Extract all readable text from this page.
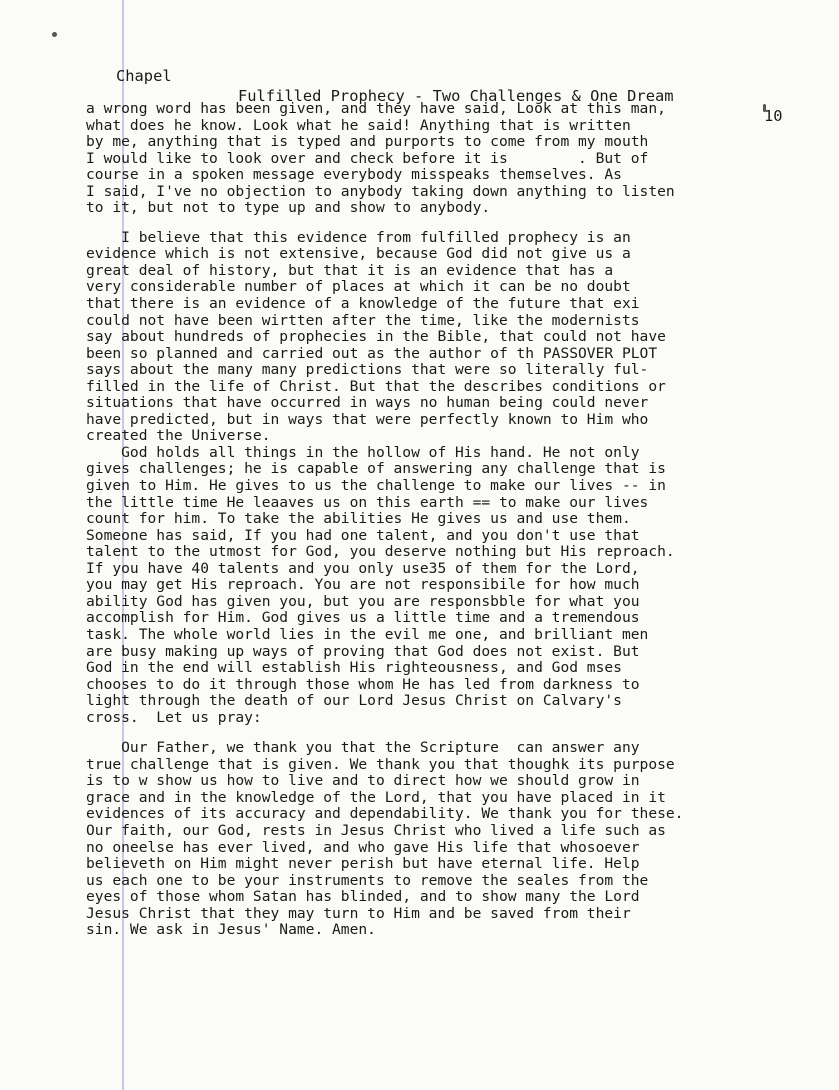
Chapel

Fulfilled Prophecy - Two Challenges & One Dream

10

a wrong word has been given, and they have said, Look at this man,
what does he know. Look what he said! Anything that is written
by me, anything that is typed and purports to come from my mouth
I would like to look over and check before it is        . But of
course in a spoken message everybody misspeaks themselves. As
I said, I've no objection to anybody taking down anything to listen
to it, but not to type up and show to anybody.
I believe that this evidence from fulfilled prophecy is an
evidence which is not extensive, because God did not give us a
great deal of history, but that it is an evidence that has a
very considerable number of places at which it can be no doubt
that there is an evidence of a knowledge of the future that exi
could not have been wirtten after the time, like the modernists
say about hundreds of prophecies in the Bible, that could not have
been so planned and carried out as the author of th PASSOVER PLOT
says about the many many predictions that were so literally ful-
filled in the life of Christ. But that the describes conditions or
situations that have occurred in ways no human being could never
have predicted, but in ways that were perfectly known to Him who
created the Universe.
God holds all things in the hollow of His hand. He not only
gives challenges; he is capable of answering any challenge that is
given to Him. He gives to us the challenge to make our lives -- in
the little time He leaaves us on this earth == to make our lives
count for him. To take the abilities He gives us and use them.
Someone has said, If you had one talent, and you don't use that
talent to the utmost for God, you deserve nothing but His reproach.
If you have 40 talents and you only use35 of them for the Lord,
you may get His reproach. You are not responsibile for how much
ability God has given you, but you are responsbble for what you
accomplish for Him. God gives us a little time and a tremendous
task. The whole world lies in the evil me one, and brilliant men
are busy making up ways of proving that God does not exist. But
God in the end will establish His righteousness, and God mses
chooses to do it through those whom He has led from darkness to
light through the death of our Lord Jesus Christ on Calvary's
cross.  Let us pray:
Our Father, we thank you that the Scripture  can answer any
true challenge that is given. We thank you that thoughk its purpose
is to w show us how to live and to direct how we should grow in
grace and in the knowledge of the Lord, that you have placed in it
evidences of its accuracy and dependability. We thank you for these.
Our faith, our God, rests in Jesus Christ who lived a life such as
no oneelse has ever lived, and who gave His life that whosoever
believeth on Him might never perish but have eternal life. Help
us each one to be your instruments to remove the seales from the
eyes of those whom Satan has blinded, and to show many the Lord
Jesus Christ that they may turn to Him and be saved from their
sin. We ask in Jesus' Name. Amen.
